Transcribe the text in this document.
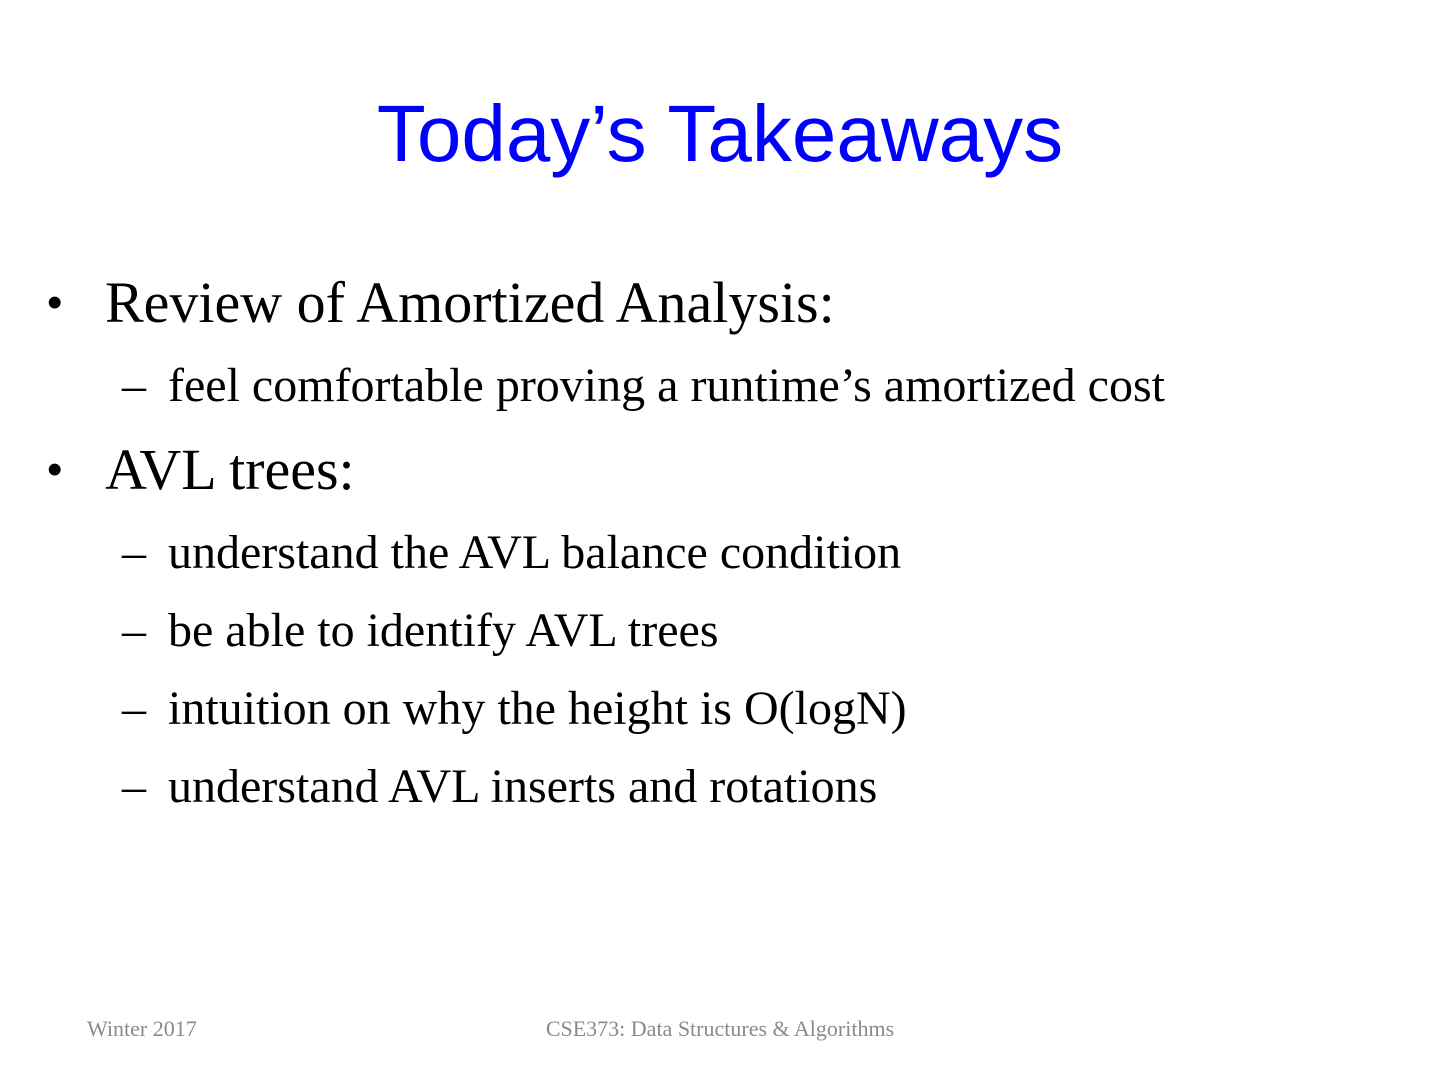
Today’s Takeaways
• Review of Amortized Analysis:
– feel comfortable proving a runtime’s amortized cost
• AVL trees:
– understand the AVL balance condition
– be able to identify AVL trees
– intuition on why the height is O(logN)
– understand AVL inserts and rotations
Winter 2017	CSE373: Data Structures & Algorithms
